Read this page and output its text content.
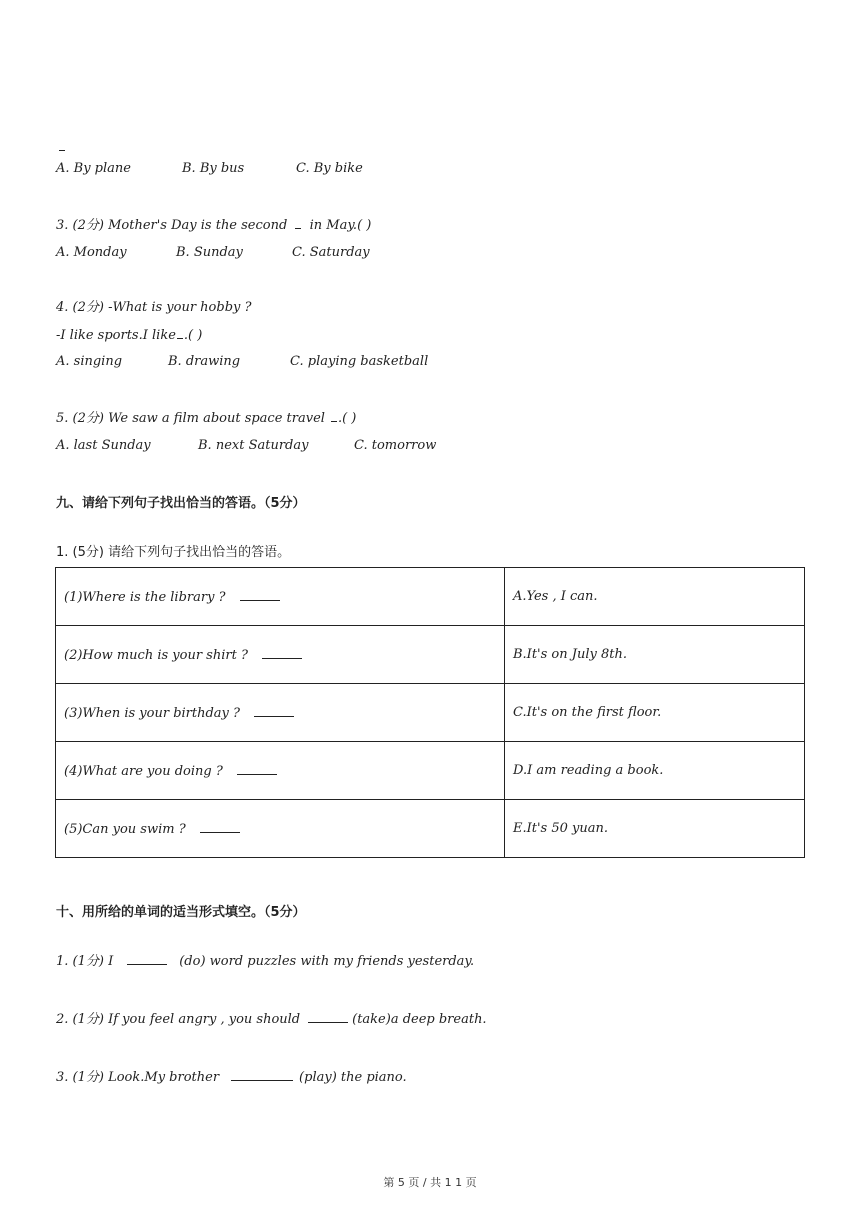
A. By plane	B. By bus	C. By bike
3. (2分) Mother's Day is the second in May.( )
A. Monday	B. Sunday	C. Saturday
4. (2分) -What is your hobby ?
-I like sports.I like .( )
A. singing	B. drawing	C. playing basketball
5. (2分) We saw a film about space travel .( )
A. last Sunday	B. next Saturday	C. tomorrow
九、请给下列句子找出恰当的答语。（5分）
1. (5分) 请给下列句子找出恰当的答语。
(1)Where is the library ?	A.Yes , I can.
(2)How much is your shirt ?	B.It's on July 8th.
(3)When is your birthday ?	C.It's on the first floor.
(4)What are you doing ?	D.I am reading a book.
(5)Can you swim ?	E.It's 50 yuan.
十、用所给的单词的适当形式填空。（5分）
1. (1分) I	(do) word puzzles with my friends yesterday.
2. (1分) If you feel angry , you should	(take)a deep breath.
3. (1分) Look.My brother	(play) the piano.
第 5 页 / 共 1 1 页
